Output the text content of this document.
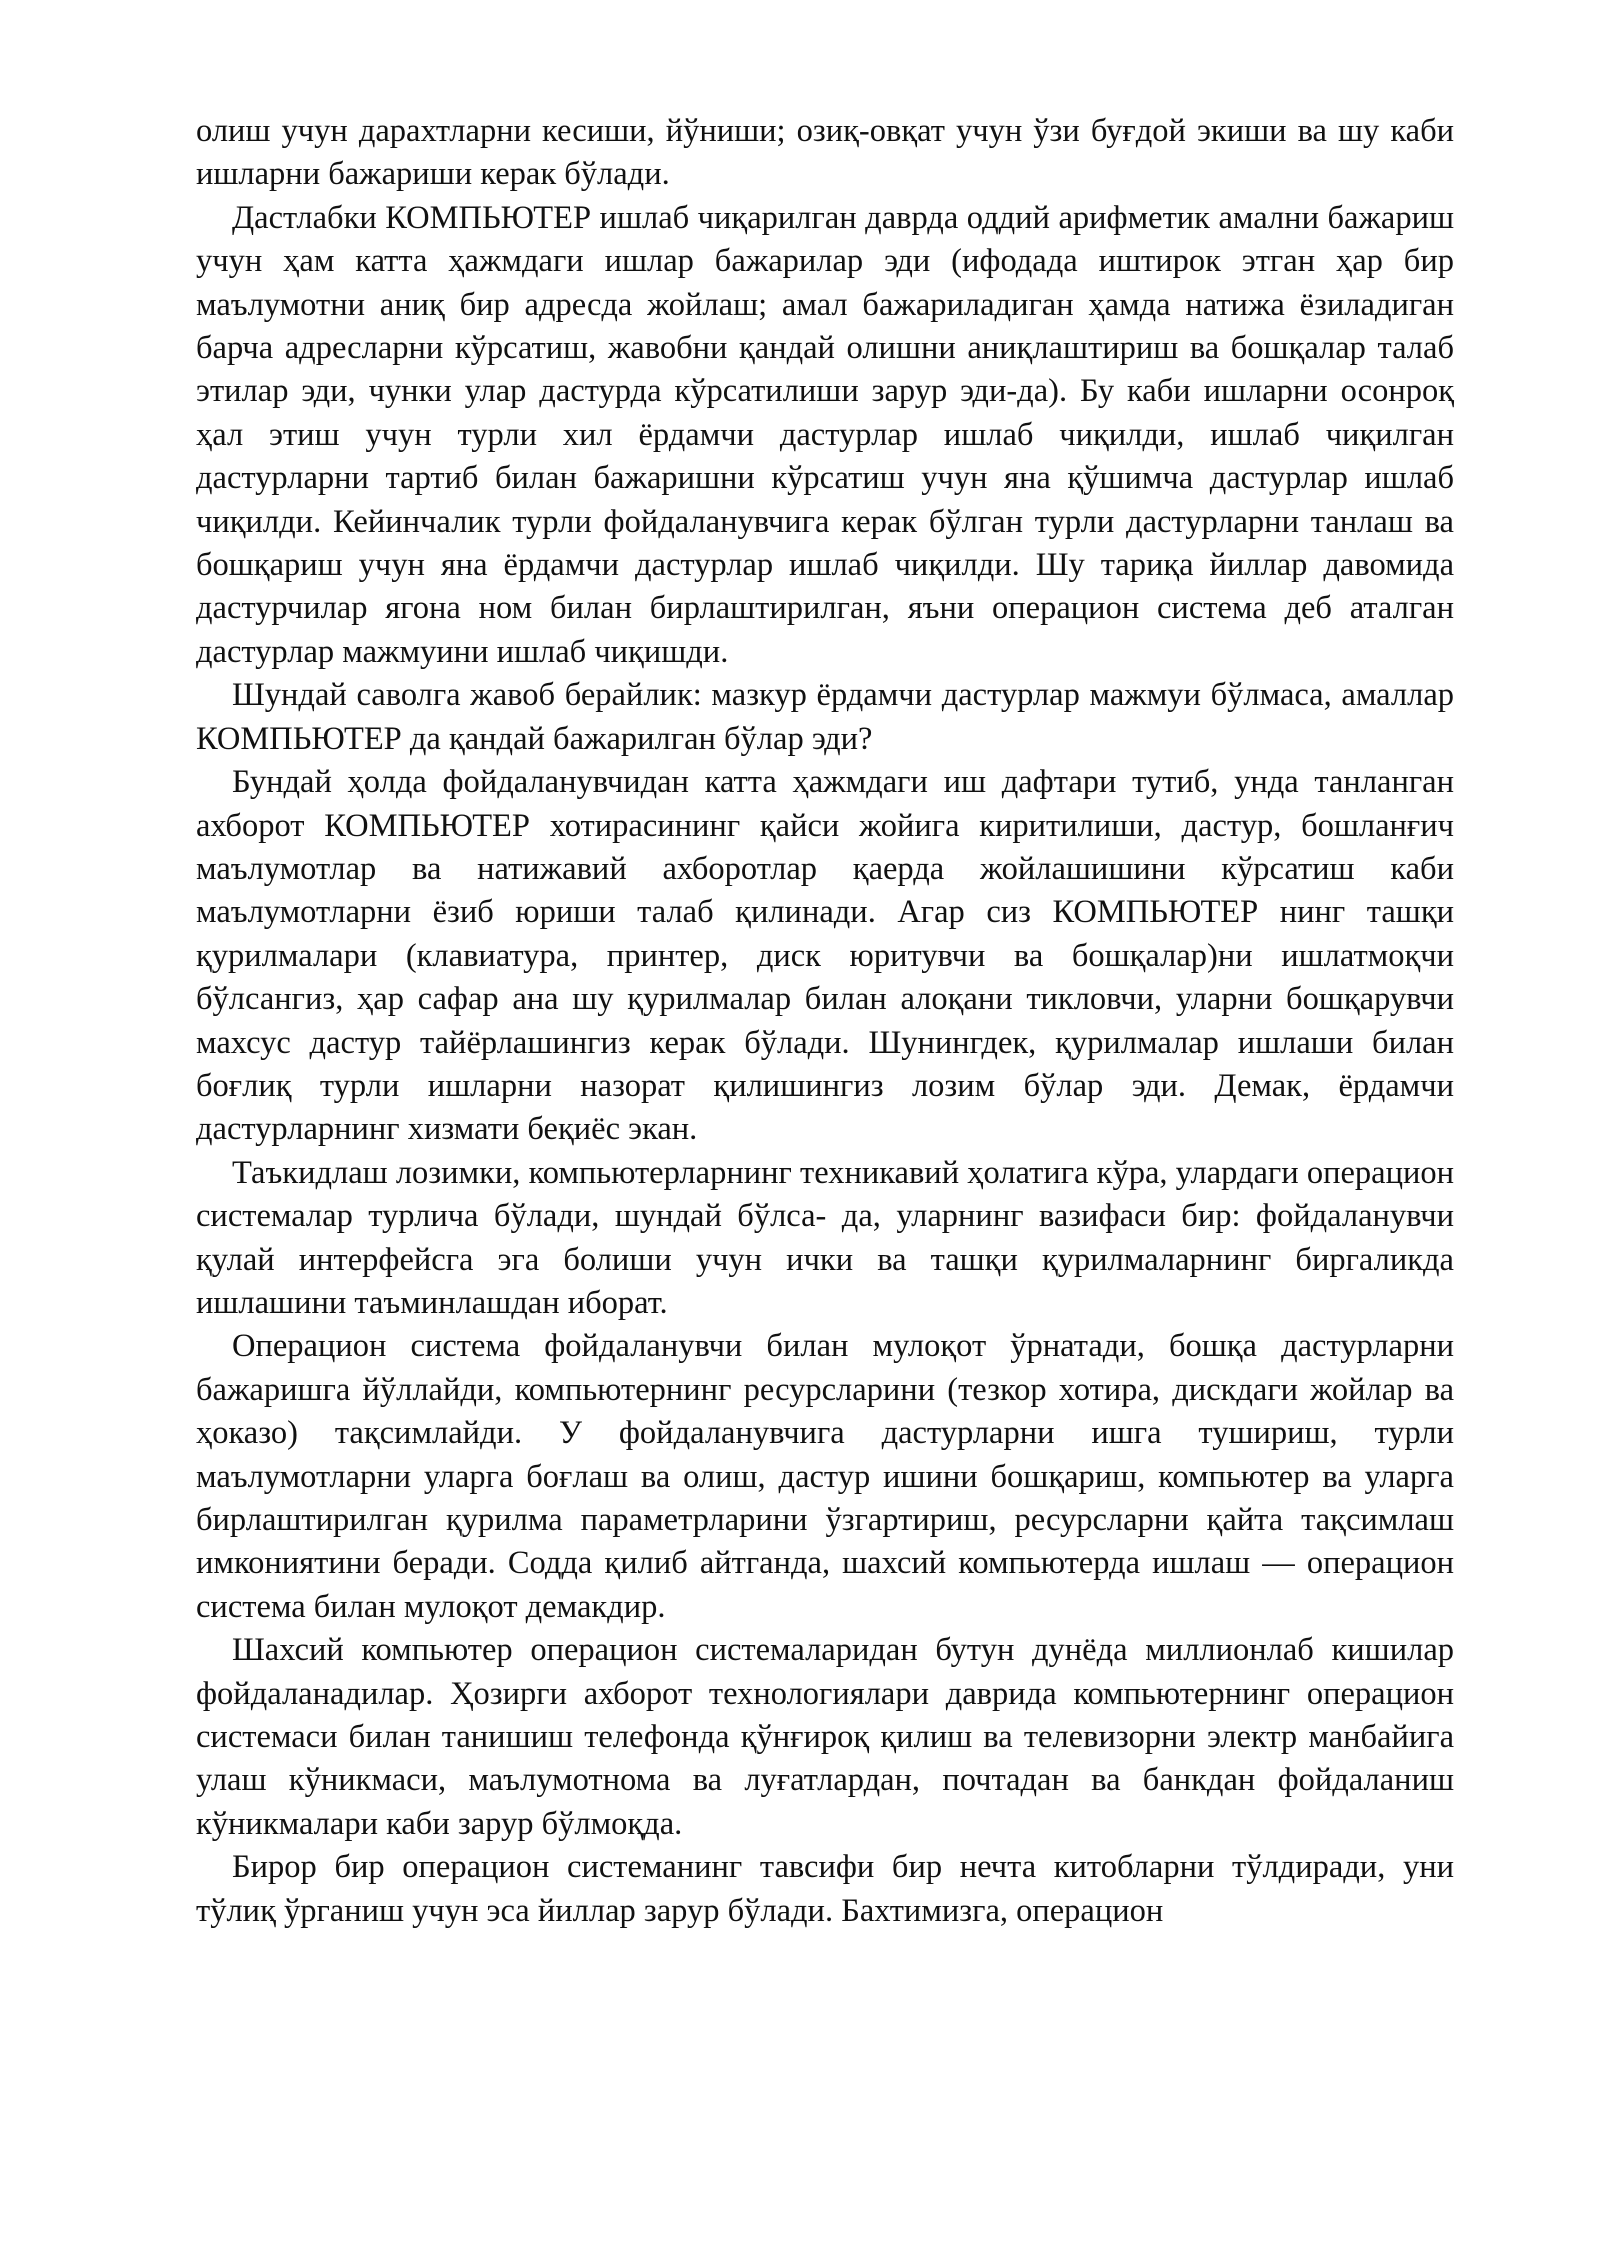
олиш учун дарахтларни кесиши, йўниши; озиқ-овқат учун ўзи буғдой экиши ва шу каби ишларни бажариши керак бўлади.

Дастлабки КОМПЬЮТЕР ишлаб чиқарилган даврда оддий арифметик амални бажариш учун ҳам катта ҳажмдаги ишлар бажарилар эди (ифодада иштирок этган ҳар бир маълумотни аниқ бир адресда жойлаш; амал бажариладиган ҳамда натижа ёзиладиган барча адресларни кўрсатиш, жавобни қандай олишни аниқлаштириш ва бошқалар талаб этилар эди, чунки улар дастурда кўрсатилиши зарур эди-да). Бу каби ишларни осонроқ ҳал этиш учун турли хил ёрдамчи дастурлар ишлаб чиқилди, ишлаб чиқилган дастурларни тартиб билан бажаришни кўрсатиш учун яна қўшимча дастурлар ишлаб чиқилди. Кейинчалик турли фойдаланувчига керак бўлган турли дастурларни танлаш ва бошқариш учун яна ёрдамчи дастурлар ишлаб чиқилди. Шу тариқа йиллар давомида дастурчилар ягона ном билан бирлаштирилган, яъни операцион система деб аталган дастурлар мажмуини ишлаб чиқишди.

Шундай саволга жавоб берайлик: мазкур ёрдамчи дастурлар мажмуи бўлмаса, амаллар КОМПЬЮТЕР да қандай бажарилган бўлар эди?

Бундай ҳолда фойдаланувчидан катта ҳажмдаги иш дафтари тутиб, унда танланган ахборот КОМПЬЮТЕР хотирасининг қайси жойига киритилиши, дастур, бошланғич маълумотлар ва натижавий ахборотлар қаерда жойлашишини кўрсатиш каби маълумотларни ёзиб юриши талаб қилинади. Агар сиз КОМПЬЮТЕР нинг ташқи қурилмалари (клавиатура, принтер, диск юритувчи ва бошқалар)ни ишлатмоқчи бўлсангиз, ҳар сафар ана шу қурилмалар билан алоқани тикловчи, уларни бошқарувчи махсус дастур тайёрлашингиз керак бўлади. Шунингдек, қурилмалар ишлаши билан боғлиқ турли ишларни назорат қилишингиз лозим бўлар эди. Демак, ёрдамчи дастурларнинг хизмати беқиёс экан.

Таъкидлаш лозимки, компьютерларнинг техникавий ҳолатига кўра, улардаги операцион системалар турлича бўлади, шундай бўлса- да, уларнинг вазифаси бир: фойдаланувчи қулай интерфейсга эга болиши учун ички ва ташқи қурилмаларнинг биргаликда ишлашини таъминлашдан иборат.

Операцион система фойдаланувчи билан мулоқот ўрнатади, бошқа дастурларни бажаришга йўллайди, компьютернинг ресурсларини (тезкор хотира, дискдаги жойлар ва ҳоказо) тақсимлайди. У фойдаланувчига дастурларни ишга тушириш, турли маълумотларни уларга боғлаш ва олиш, дастур ишини бошқариш, компьютер ва уларга бирлаштирилган қурилма параметрларини ўзгартириш, ресурсларни қайта тақсимлаш имкониятини беради. Содда қилиб айтганда, шахсий компьютерда ишлаш — операцион система билан мулоқот демакдир.

Шахсий компьютер операцион системаларидан бутун дунёда миллионлаб кишилар фойдаланадилар. Ҳозирги ахборот технологиялари даврида компьютернинг операцион системаси билан танишиш телефонда қўнғироқ қилиш ва телевизорни электр манбайига улаш кўникмаси, маълумотнома ва луғатлардан, почтадан ва банкдан фойдаланиш кўникмалари каби зарур бўлмоқда.

Бирор бир операцион системанинг тавсифи бир нечта китобларни тўлдиради, уни тўлиқ ўрганиш учун эса йиллар зарур бўлади. Бахтимизга, операцион
